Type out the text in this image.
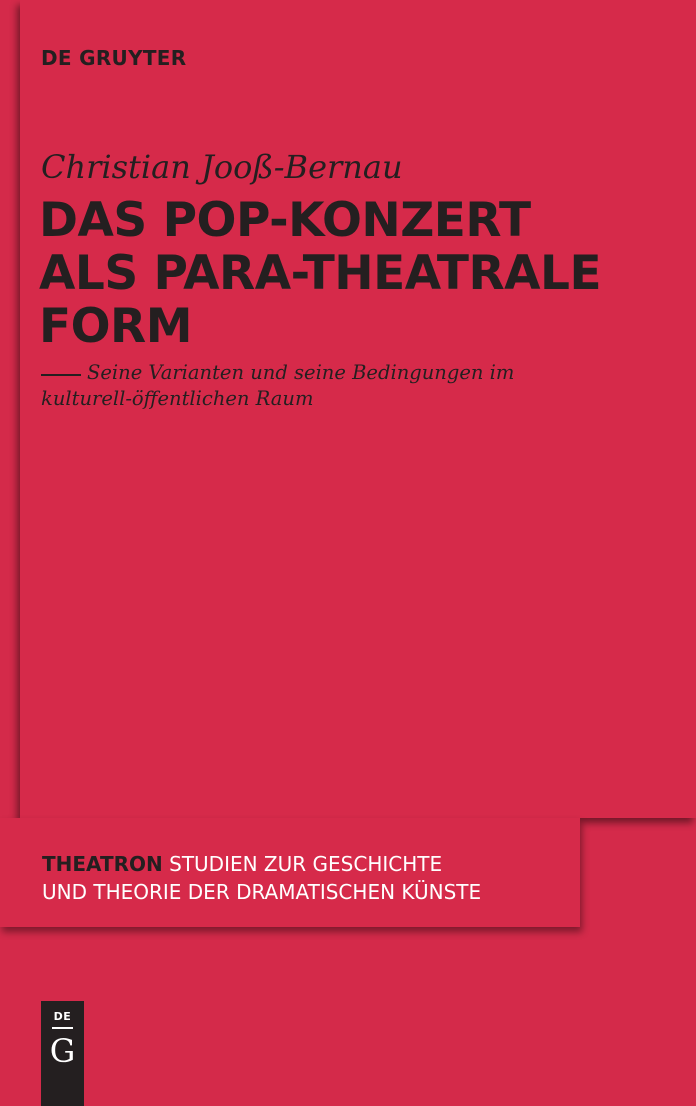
DE GRUYTER
Christian Jooß-Bernau
DAS POP-KONZERT
ALS PARA-THEATRALE
FORM
Seine Varianten und seine Bedingungen im kulturell-öffentlichen Raum
THEATRON STUDIEN ZUR GESCHICHTE
UND THEORIE DER DRAMATISCHEN KÜNSTE
DE
G
